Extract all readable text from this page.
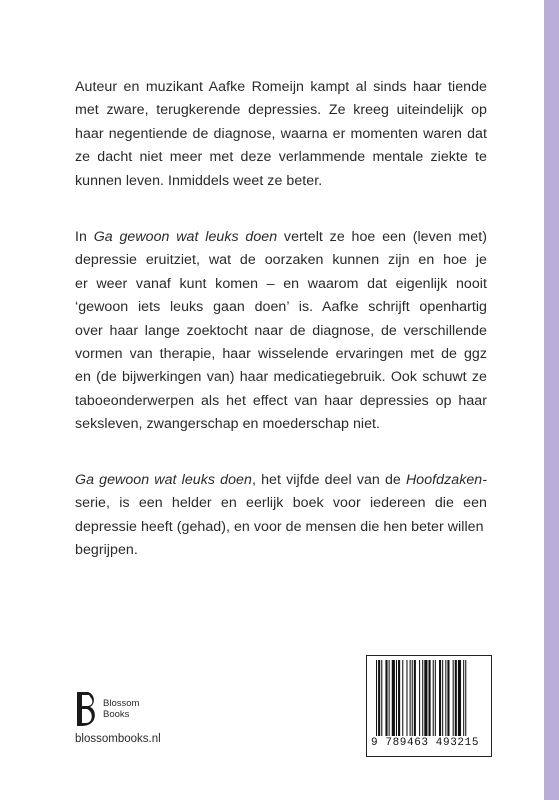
Auteur en muzikant Aafke Romeijn kampt al sinds haar tiende
met zware, terugkerende depressies. Ze kreeg uiteindelijk op
haar negentiende de diagnose, waarna er momenten waren dat
ze dacht niet meer met deze verlammende mentale ziekte te
kunnen leven. Inmiddels weet ze beter.
In Ga gewoon wat leuks doen vertelt ze hoe een (leven met)
depressie eruitziet, wat de oorzaken kunnen zijn en hoe je
er weer vanaf kunt komen – en waarom dat eigenlijk nooit
‘gewoon iets leuks gaan doen’ is. Aafke schrijft openhartig
over haar lange zoektocht naar de diagnose, de verschillende
vormen van therapie, haar wisselende ervaringen met de ggz
en (de bijwerkingen van) haar medicatiegebruik. Ook schuwt ze
taboeonderwerpen als het effect van haar depressies op haar
seksleven, zwangerschap en moederschap niet.
Ga gewoon wat leuks doen, het vijfde deel van de Hoofdzaken-
serie, is een helder en eerlijk boek voor iedereen die een
depressie heeft (gehad), en voor de mensen die hen beter willen
begrijpen.
Blossom
Books
blossombooks.nl	9 789463 493215
